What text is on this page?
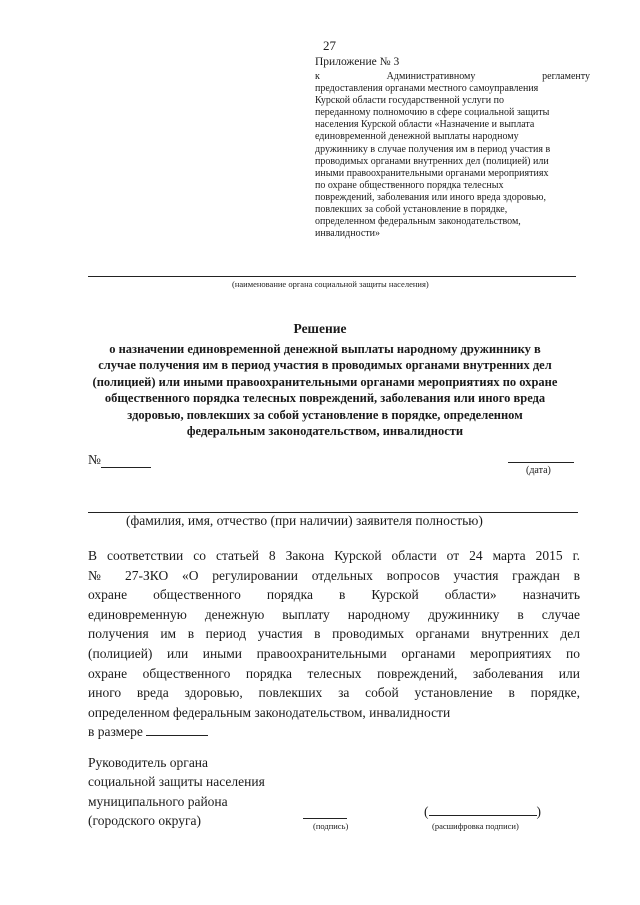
27
Приложение № 3
к Административному регламенту
предоставления органами местного самоуправления
Курской области государственной услуги по
переданному полномочию в сфере социальной защиты
населения Курской области «Назначение и выплата
единовременной денежной выплаты народному
дружиннику в случае получения им в период участия в
проводимых органами внутренних дел (полицией) или
иными правоохранительными органами мероприятиях
по охране общественного порядка телесных
повреждений, заболевания или иного вреда здоровью,
повлекших за собой установление в порядке,
определенном федеральным законодательством,
инвалидности»
(наименование органа социальной защиты населения)
Решение
о назначении единовременной денежной выплаты народному дружиннику в
случае получения им в период участия в проводимых органами внутренних дел
(полицией) или иными правоохранительными органами мероприятиях по охране
общественного порядка телесных повреждений, заболевания или иного вреда
здоровью, повлекших за собой установление в порядке, определенном
федеральным законодательством, инвалидности
№
(дата)
(фамилия, имя, отчество (при наличии) заявителя полностью)
В соответствии со статьей 8 Закона Курской области от 24 марта 2015 г.
№ 27-ЗКО «О регулировании отдельных вопросов участия граждан в
охране общественного порядка в Курской области» назначить
единовременную денежную выплату народному дружиннику в случае
получения им в период участия в проводимых органами внутренних дел
(полицией) или иными правоохранительными органами мероприятиях по
охране общественного порядка телесных повреждений, заболевания или
иного вреда здоровью, повлекших за собой установление в порядке,
определенном федеральным законодательством, инвалидности
в размере
Руководитель органа
социальной защиты населения
муниципального района
(городского округа)	(подпись)
(	)
(расшифровка подписи)
